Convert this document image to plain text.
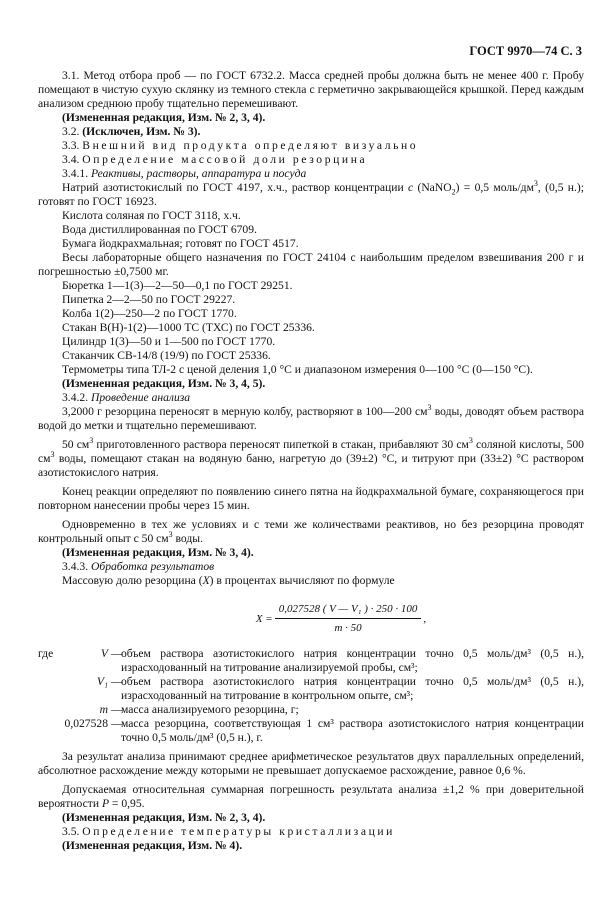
ГОСТ 9970—74 С. 3

3.1. Метод отбора проб — по ГОСТ 6732.2. Масса средней пробы должна быть не менее 400 г. Пробу помещают в чистую сухую склянку из темного стекла с герметично закрывающейся крышкой. Перед каждым анализом среднюю пробу тщательно перемешивают.

(Измененная редакция, Изм. № 2, 3, 4).

3.2. (Исключен, Изм. № 3).

3.3. Внешний вид продукта определяют визуально

3.4. Определение массовой доли резорцина

3.4.1. Реактивы, растворы, аппаратура и посуда

Натрий азотистокислый по ГОСТ 4197, х.ч., раствор концентрации c (NaNO$_2$) = 0,5 моль/$дм^3$, (0,5 н.); готовят по ГОСТ 16923.

Кислота соляная по ГОСТ 3118, х.ч.

Вода дистиллированная по ГОСТ 6709.

Бумага йодкрахмальная; готовят по ГОСТ 4517.

Весы лабораторные общего назначения по ГОСТ 24104 с наибольшим пределом взвешивания 200 г и погрешностью ±0,7500 мг.

Бюретка 1—1(3)—2—50—0,1 по ГОСТ 29251.

Пипетка 2—2—50 по ГОСТ 29227.

Колба 1(2)—250—2 по ГОСТ 1770.

Стакан В(Н)-1(2)—1000 ТС (ТХС) по ГОСТ 25336.

Цилиндр 1(3)—50 и 1—500 по ГОСТ 1770.

Стаканчик СВ-14/8 (19/9) по ГОСТ 25336.

Термометры типа ТЛ-2 с ценой деления 1,0 °С и диапазоном измерения 0—100 °С (0—150 °С).

(Измененная редакция, Изм. № 3, 4, 5).

3.4.2. Проведение анализа

3,2000 г резорцина переносят в мерную колбу, растворяют в 100—200 $см^3$ воды, доводят объем раствора водой до метки и тщательно перемешивают.

50 $см^3$ приготовленного раствора переносят пипеткой в стакан, прибавляют 30 $см^3$ соляной кислоты, 500 $см^3$ воды, помещают стакан на водяную баню, нагретую до (39±2) °С, и титруют при (33±2) °С раствором азотистокислого натрия.

Конец реакции определяют по появлению синего пятна на йодкрахмальной бумаге, сохраняющегося при повторном нанесении пробы через 15 мин.

Одновременно в тех же условиях и с теми же количествами реактивов, но без резорцина проводят контрольный опыт с 50 $см^3$ воды.

(Измененная редакция, Изм. № 3, 4).

3.4.3. Обработка результатов

Массовую долю резорцина (X) в процентах вычисляют по формуле

$X = \frac{\text{0,027528 ( V — V₁ ) · 250 · 100}}{m \cdot 50}$ ,
где	V —
объем раствора азотистокислого натрия концентрации точно 0,5 моль/дм³ (0,5 н.), израсходованный на титрование анализируемой пробы, см³;
V₁ —
объем раствора азотистокислого натрия концентрации точно 0,5 моль/дм³ (0,5 н.), израсходованный на титрование в контрольном опыте, см³;
m —
масса анализируемого резорцина, г;
0,027528 —
масса резорцина, соответствующая 1 см³ раствора азотистокислого натрия концентрации точно 0,5 моль/дм³ (0,5 н.), г.

За результат анализа принимают среднее арифметическое результатов двух параллельных определений, абсолютное расхождение между которыми не превышает допускаемое расхождение, равное 0,6 %.

Допускаемая относительная суммарная погрешность результата анализа ±1,2 % при доверительной вероятности P = 0,95.

(Измененная редакция, Изм. № 2, 3, 4).

3.5. Определение температуры кристаллизации

(Измененная редакция, Изм. № 4).
